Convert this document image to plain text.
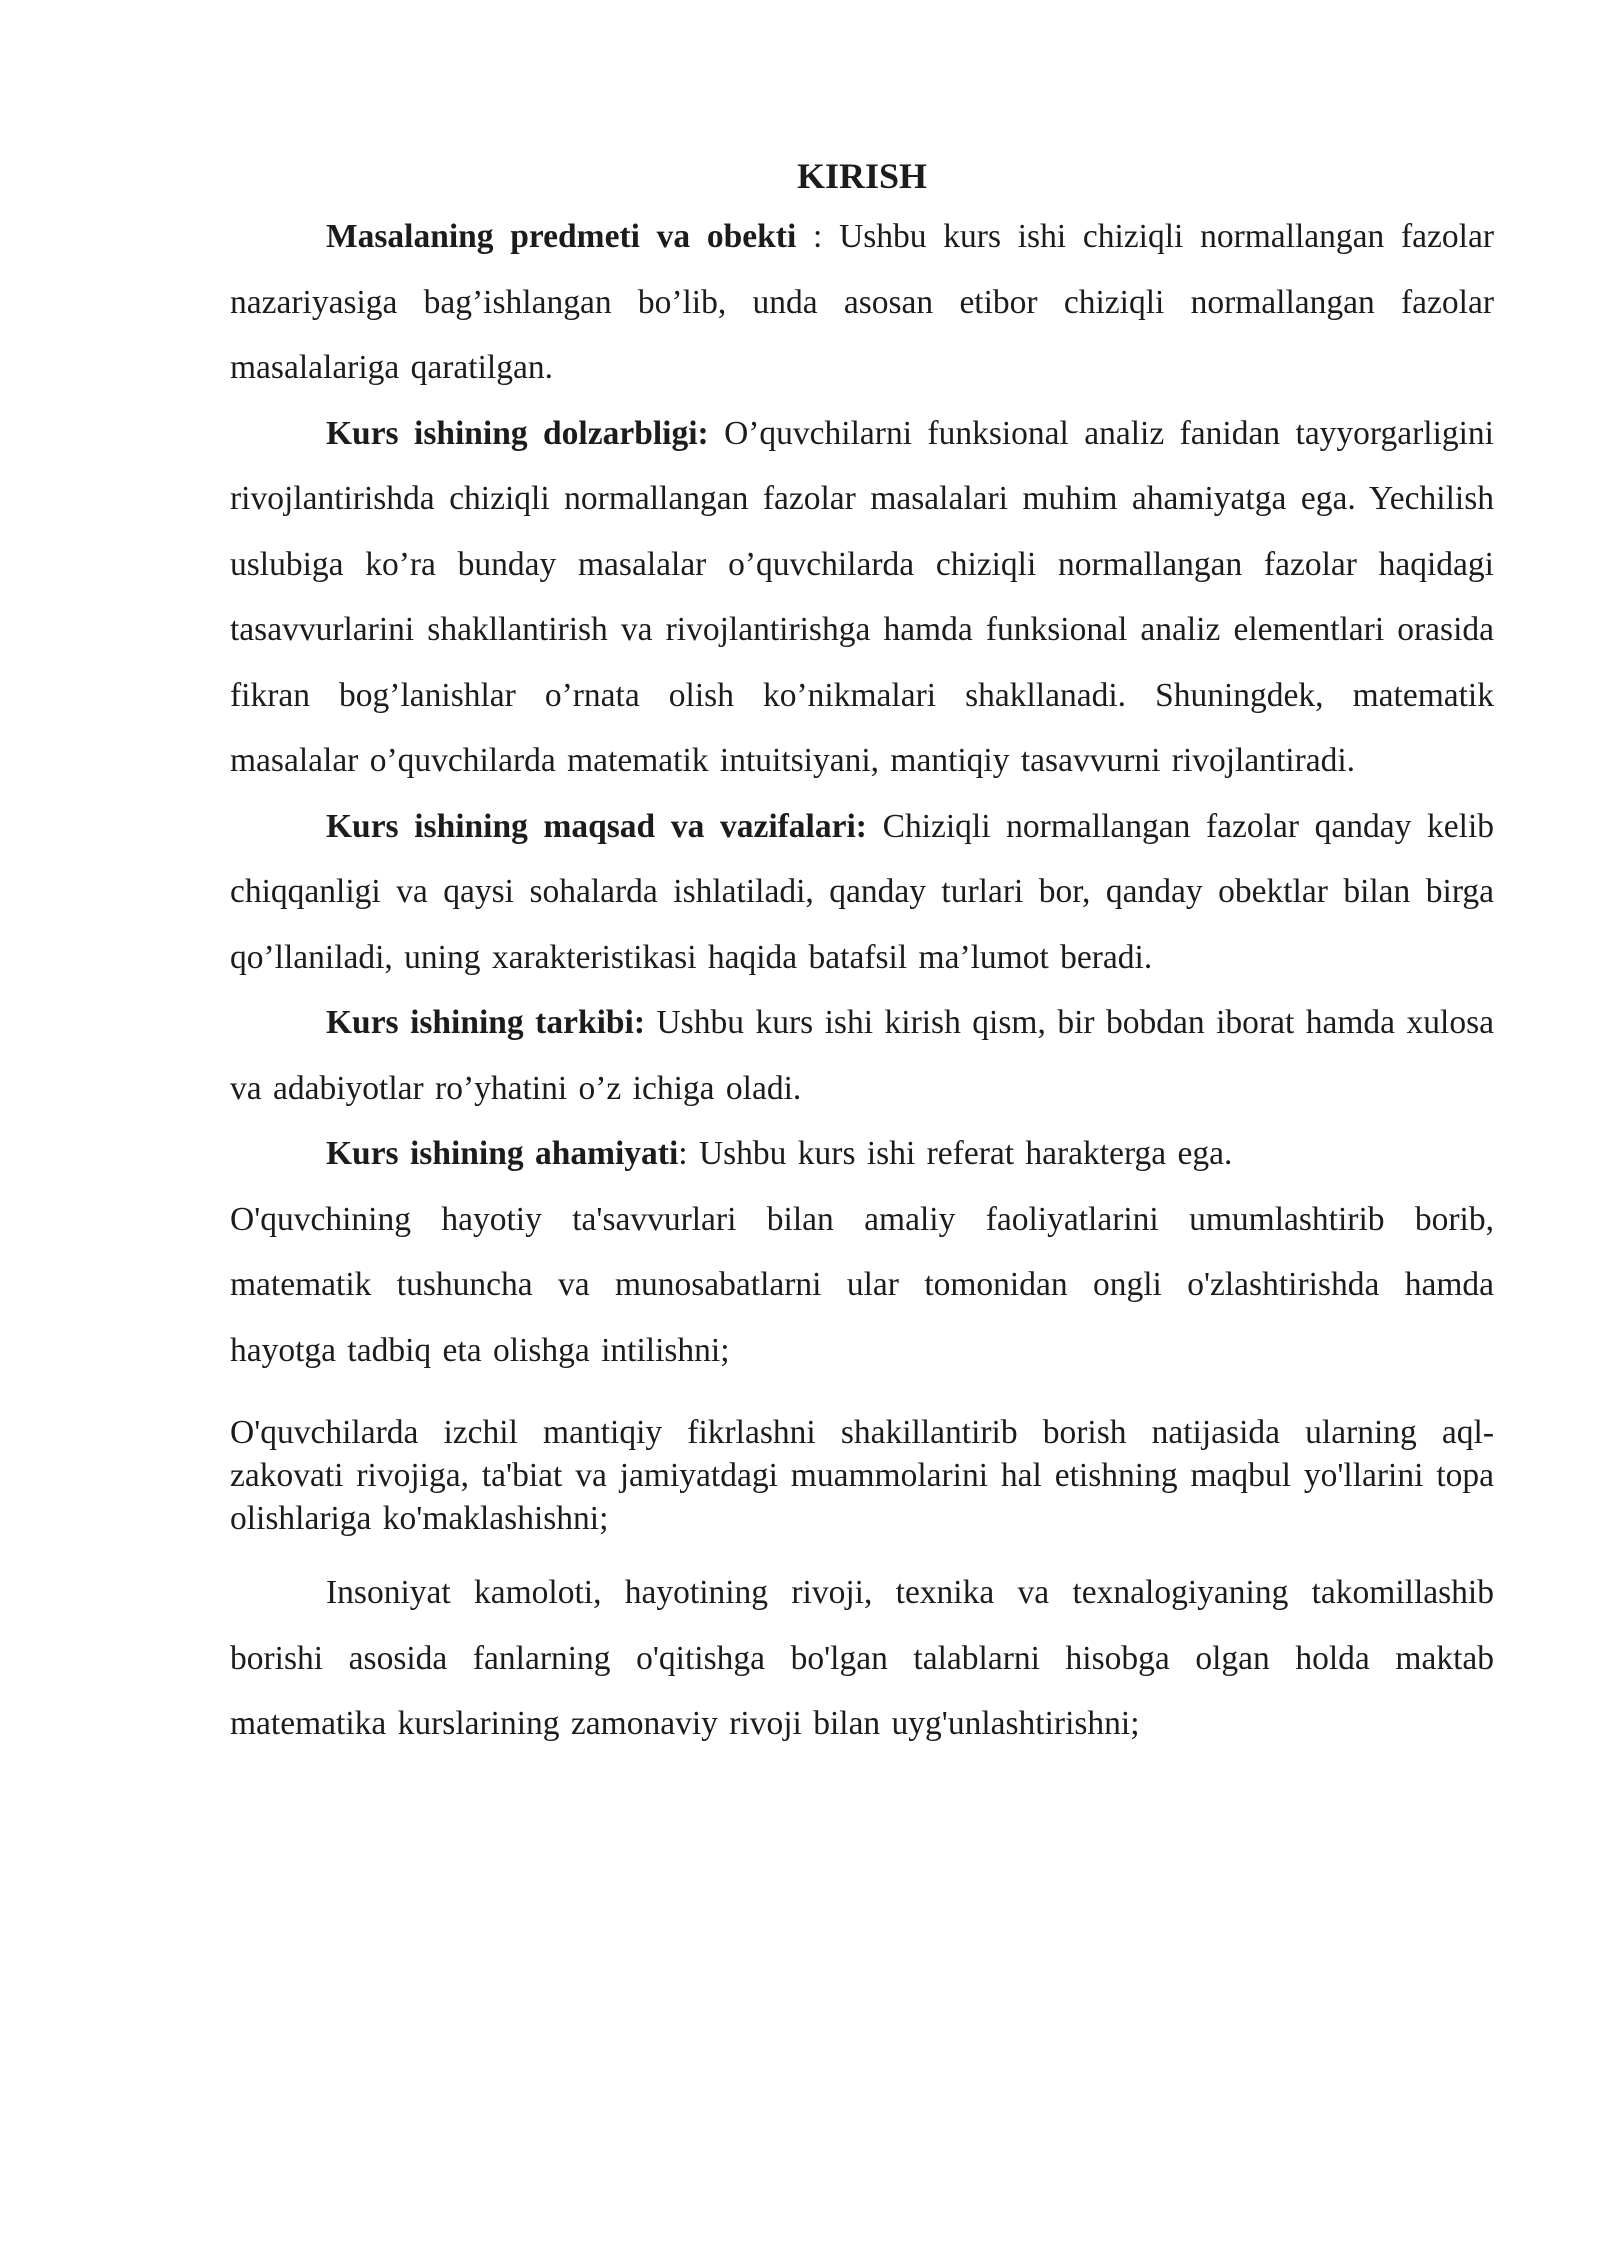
KIRISH

Masalaning predmeti va obekti : Ushbu kurs ishi chiziqli normallangan fazolar nazariyasiga bag’ishlangan bo’lib, unda asosan etibor chiziqli normallangan fazolar masalalariga qaratilgan.

Kurs ishining dolzarbligi: O’quvchilarni funksional analiz fanidan tayyorgarligini rivojlantirishda chiziqli normallangan fazolar masalalari muhim ahamiyatga ega. Yechilish uslubiga ko’ra bunday masalalar o’quvchilarda chiziqli normallangan fazolar haqidagi tasavvurlarini shakllantirish va rivojlantirishga hamda funksional analiz elementlari orasida fikran bog’lanishlar o’rnata olish ko’nikmalari shakllanadi. Shuningdek, matematik masalalar o’quvchilarda matematik intuitsiyani, mantiqiy tasavvurni rivojlantiradi.

Kurs ishining maqsad va vazifalari: Chiziqli normallangan fazolar qanday kelib chiqqanligi va qaysi sohalarda ishlatiladi, qanday turlari bor, qanday obektlar bilan birga qo’llaniladi, uning xarakteristikasi haqida batafsil ma’lumot beradi.

Kurs ishining tarkibi: Ushbu kurs ishi kirish qism, bir bobdan iborat hamda xulosa va adabiyotlar ro’yhatini o’z ichiga oladi.

Kurs ishining ahamiyati: Ushbu kurs ishi referat harakterga ega.

O'quvchining hayotiy ta'savvurlari bilan amaliy faoliyatlarini umumlashtirib borib, matematik tushuncha va munosabatlarni ular tomonidan ongli o'zlashtirishda hamda hayotga tadbiq eta olishga intilishni;

O'quvchilarda izchil mantiqiy fikrlashni shakillantirib borish natijasida ularning aql-zakovati rivojiga, ta'biat va jamiyatdagi muammolarini hal etishning maqbul yo'llarini topa olishlariga ko'maklashishni;

Insoniyat kamoloti, hayotining rivoji, texnika va texnalogiyaning takomillashib borishi asosida fanlarning o'qitishga bo'lgan talablarni hisobga olgan holda maktab matematika kurslarining zamonaviy rivoji bilan uyg'unlashtirishni;
